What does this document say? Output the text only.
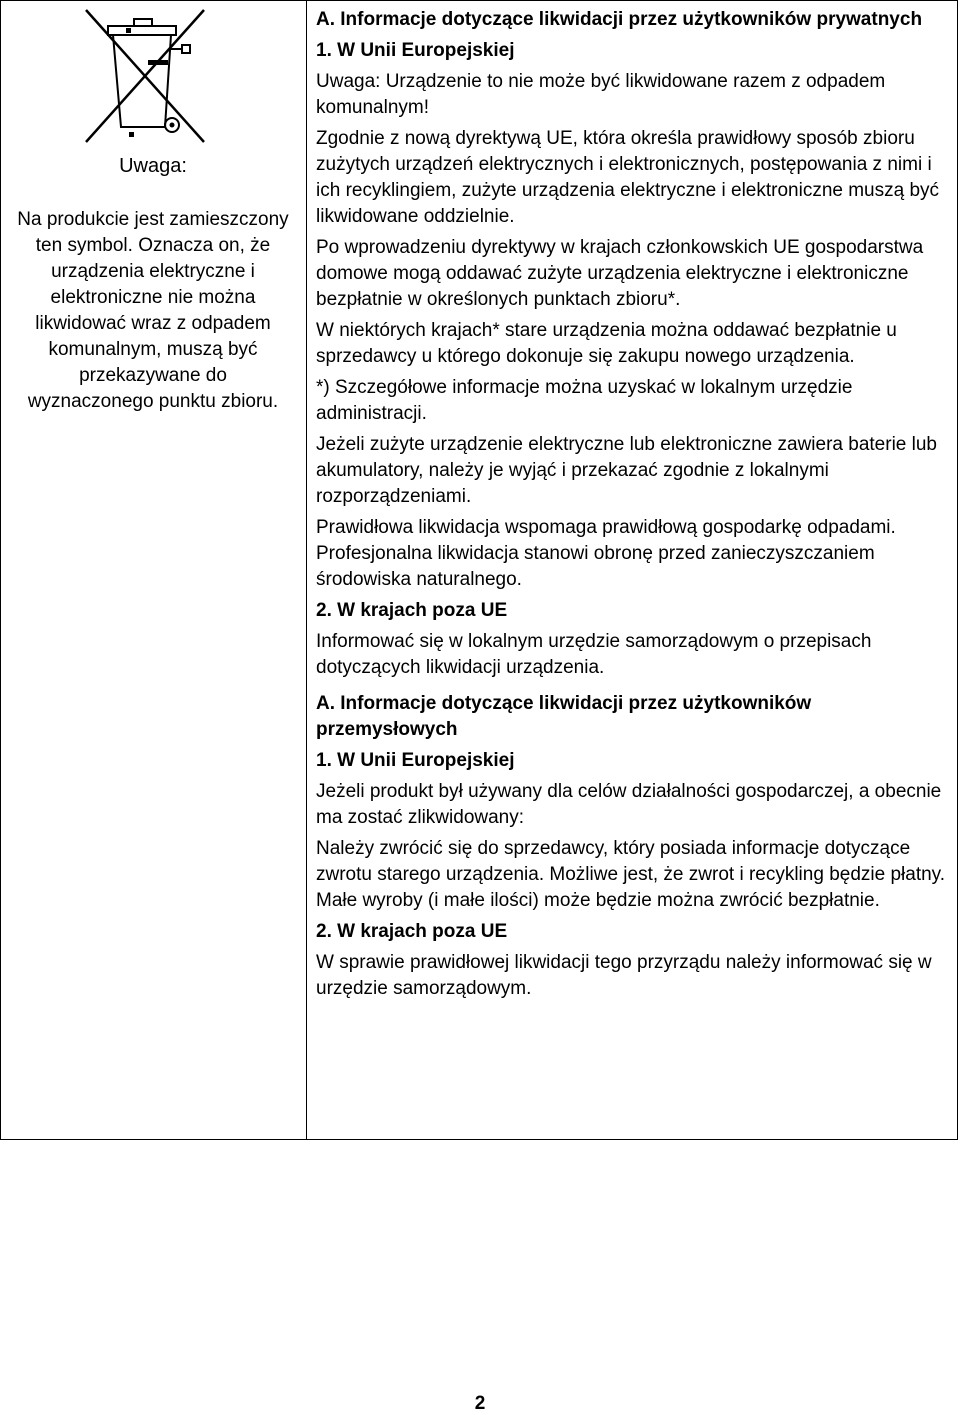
Uwaga:
Na produkcie jest zamieszczony ten symbol. Oznacza on, że urządzenia elektryczne i elektroniczne nie można likwidować wraz z odpadem komunalnym, muszą być przekazywane do wyznaczonego punktu zbioru.

A. Informacje dotyczące likwidacji przez użytkowników prywatnych

1. W Unii Europejskiej

Uwaga: Urządzenie to nie może być likwidowane razem z odpadem komunalnym!

Zgodnie z nową dyrektywą UE, która określa prawidłowy sposób zbioru zużytych urządzeń elektrycznych i elektronicznych, postępowania z nimi i ich recyklingiem, zużyte urządzenia elektryczne i elektroniczne muszą być likwidowane oddzielnie.

Po wprowadzeniu dyrektywy w krajach członkowskich UE gospodarstwa domowe mogą oddawać zużyte urządzenia elektryczne i elektroniczne bezpłatnie w określonych punktach zbioru*.

W niektórych krajach* stare urządzenia można oddawać bezpłatnie u sprzedawcy u którego dokonuje się zakupu nowego urządzenia.

*) Szczegółowe informacje można uzyskać w lokalnym urzędzie administracji.

Jeżeli zużyte urządzenie elektryczne lub elektroniczne zawiera baterie lub akumulatory, należy je wyjąć i przekazać zgodnie z lokalnymi rozporządzeniami.

Prawidłowa likwidacja wspomaga prawidłową gospodarkę odpadami. Profesjonalna likwidacja stanowi obronę przed zanieczyszczaniem środowiska naturalnego.

2. W krajach poza UE

Informować się w lokalnym urzędzie samorządowym o przepisach dotyczących likwidacji urządzenia.

A. Informacje dotyczące likwidacji przez użytkowników przemysłowych

1. W Unii Europejskiej

Jeżeli produkt był używany dla celów działalności gospodarczej, a obecnie ma zostać zlikwidowany:

Należy zwrócić się do sprzedawcy, który posiada informacje dotyczące zwrotu starego urządzenia. Możliwe jest, że zwrot i recykling będzie płatny. Małe wyroby (i małe ilości) może będzie można zwrócić bezpłatnie.

2. W krajach poza UE

W sprawie prawidłowej likwidacji tego przyrządu należy informować się w urzędzie samorządowym.

2
